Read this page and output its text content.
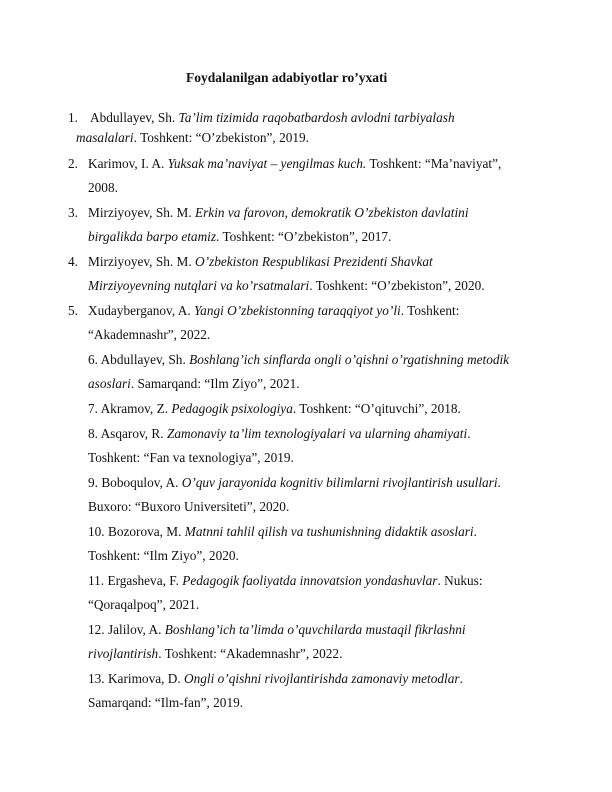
Foydalanilgan adabiyotlar ro’yxati
1. Abdullayev, Sh. Ta’lim tizimida raqobatbardosh avlodni tarbiyalash
masalalari. Toshkent: “O’zbekiston”, 2019.
2. Karimov, I. A. Yuksak ma’naviyat – yengilmas kuch. Toshkent: “Ma’naviyat”,
2008.
3. Mirziyoyev, Sh. M. Erkin va farovon, demokratik O’zbekiston davlatini
birgalikda barpo etamiz. Toshkent: “O’zbekiston”, 2017.
4. Mirziyoyev, Sh. M. O’zbekiston Respublikasi Prezidenti Shavkat
Mirziyoyevning nutqlari va ko’rsatmalari. Toshkent: “O’zbekiston”, 2020.
5. Xudayberganov, A. Yangi O’zbekistonning taraqqiyot yo’li. Toshkent:
“Akademnashr”, 2022.
6. Abdullayev, Sh. Boshlang’ich sinflarda ongli o’qishni o’rgatishning metodik
asoslari. Samarqand: “Ilm Ziyo”, 2021.
7. Akramov, Z. Pedagogik psixologiya. Toshkent: “O’qituvchi”, 2018.
8. Asqarov, R. Zamonaviy ta’lim texnologiyalari va ularning ahamiyati.
Toshkent: “Fan va texnologiya”, 2019.
9. Boboqulov, A. O’quv jarayonida kognitiv bilimlarni rivojlantirish usullari.
Buxoro: “Buxoro Universiteti”, 2020.
10. Bozorova, M. Matnni tahlil qilish va tushunishning didaktik asoslari.
Toshkent: “Ilm Ziyo”, 2020.
11. Ergasheva, F. Pedagogik faoliyatda innovatsion yondashuvlar. Nukus:
“Qoraqalpoq”, 2021.
12. Jalilov, A. Boshlang’ich ta’limda o’quvchilarda mustaqil fikrlashni
rivojlantirish. Toshkent: “Akademnashr”, 2022.
13. Karimova, D. Ongli o’qishni rivojlantirishda zamonaviy metodlar.
Samarqand: “Ilm-fan”, 2019.
